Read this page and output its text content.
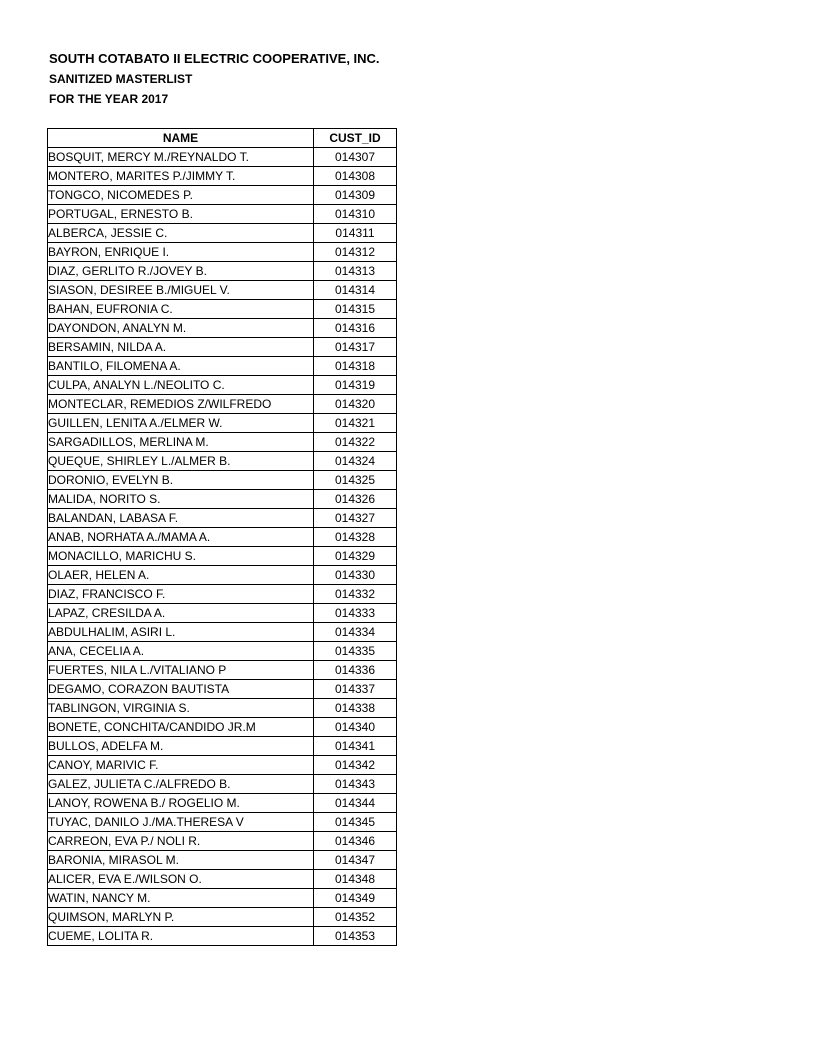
SOUTH COTABATO II ELECTRIC COOPERATIVE, INC.
SANITIZED MASTERLIST
FOR THE YEAR 2017
NAME	CUST_ID
BOSQUIT, MERCY M./REYNALDO T.	014307
MONTERO, MARITES P./JIMMY T.	014308
TONGCO, NICOMEDES P.	014309
PORTUGAL, ERNESTO B.	014310
ALBERCA, JESSIE C.	014311
BAYRON, ENRIQUE I.	014312
DIAZ, GERLITO R./JOVEY B.	014313
SIASON, DESIREE B./MIGUEL V.	014314
BAHAN, EUFRONIA C.	014315
DAYONDON, ANALYN M.	014316
BERSAMIN, NILDA A.	014317
BANTILO, FILOMENA A.	014318
CULPA, ANALYN L./NEOLITO C.	014319
MONTECLAR, REMEDIOS Z/WILFREDO	014320
GUILLEN, LENITA A./ELMER W.	014321
SARGADILLOS, MERLINA M.	014322
QUEQUE, SHIRLEY L./ALMER B.	014324
DORONIO, EVELYN B.	014325
MALIDA, NORITO S.	014326
BALANDAN, LABASA F.	014327
ANAB, NORHATA A./MAMA A.	014328
MONACILLO, MARICHU S.	014329
OLAER, HELEN A.	014330
DIAZ, FRANCISCO F.	014332
LAPAZ, CRESILDA A.	014333
ABDULHALIM, ASIRI L.	014334
ANA, CECELIA A.	014335
FUERTES, NILA L./VITALIANO P	014336
DEGAMO, CORAZON BAUTISTA	014337
TABLINGON, VIRGINIA S.	014338
BONETE, CONCHITA/CANDIDO JR.M	014340
BULLOS, ADELFA M.	014341
CANOY, MARIVIC F.	014342
GALEZ, JULIETA C./ALFREDO B.	014343
LANOY, ROWENA B./ ROGELIO M.	014344
TUYAC, DANILO J./MA.THERESA V	014345
CARREON, EVA P./ NOLI R.	014346
BARONIA, MIRASOL M.	014347
ALICER, EVA E./WILSON O.	014348
WATIN, NANCY M.	014349
QUIMSON, MARLYN P.	014352
CUEME, LOLITA R.	014353
